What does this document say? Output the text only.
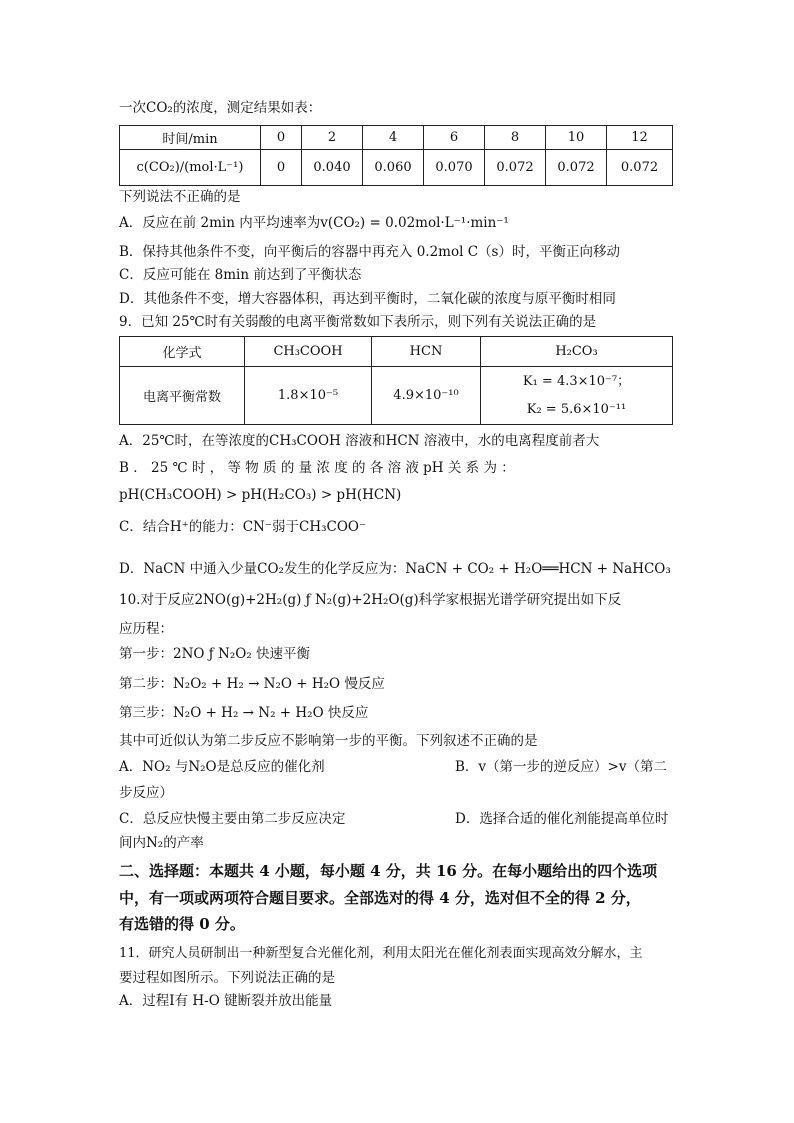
一次CO₂的浓度，测定结果如表：
时间/min	0	2	4	6	8	10	12
c(CO₂)/(mol·L⁻¹)	0	0.040	0.060	0.070	0.072	0.072	0.072
下列说法不正确的是
A．反应在前 2min 内平均速率为v(CO₂) = 0.02mol·L⁻¹·min⁻¹
B．保持其他条件不变，向平衡后的容器中再充入 0.2mol C（s）时，平衡正向移动
C．反应可能在 8min 前达到了平衡状态
D．其他条件不变，增大容器体积，再达到平衡时，二氧化碳的浓度与原平衡时相同
9．已知 25℃时有关弱酸的电离平衡常数如下表所示，则下列有关说法正确的是
化学式	CH₃COOH	HCN	H₂CO₃
电离平衡常数	1.8×10⁻⁵	4.9×10⁻¹⁰	K₁ = 4.3×10⁻⁷；
K₂ = 5.6×10⁻¹¹
A．25℃时，在等浓度的CH₃COOH 溶液和HCN 溶液中，水的电离程度前者大
B ． 25 ℃ 时 ， 等 物 质 的 量 浓 度 的 各 溶 液 pH 关 系 为 ：
pH(CH₃COOH) > pH(H₂CO₃) > pH(HCN)
C．结合H⁺的能力：CN⁻弱于CH₃COO⁻
D．NaCN 中通入少量CO₂发生的化学反应为：NaCN + CO₂ + H₂O══HCN + NaHCO₃
10.对于反应2NO(g)+2H₂(g) ƒ N₂(g)+2H₂O(g)科学家根据光谱学研究提出如下反
应历程：
第一步：2NO ƒ N₂O₂ 快速平衡
第二步：N₂O₂ + H₂ → N₂O + H₂O 慢反应
第三步：N₂O + H₂ → N₂ + H₂O 快反应
其中可近似认为第二步反应不影响第一步的平衡。下列叙述不正确的是
A．NO₂ 与N₂O是总反应的催化剂	B．v（第一步的逆反应）>v（第二
步反应）
C．总反应快慢主要由第二步反应决定	D．选择合适的催化剂能提高单位时
间内N₂的产率
二、选择题：本题共 4 小题，每小题 4 分，共 16 分。在每小题给出的四个选项
中，有一项或两项符合题目要求。全部选对的得 4 分，选对但不全的得 2 分，
有选错的得 0 分。
11．研究人员研制出一种新型复合光催化剂，利用太阳光在催化剂表面实现高效分解水，主
要过程如图所示。下列说法正确的是
A．过程Ⅰ有 H-O 键断裂并放出能量
